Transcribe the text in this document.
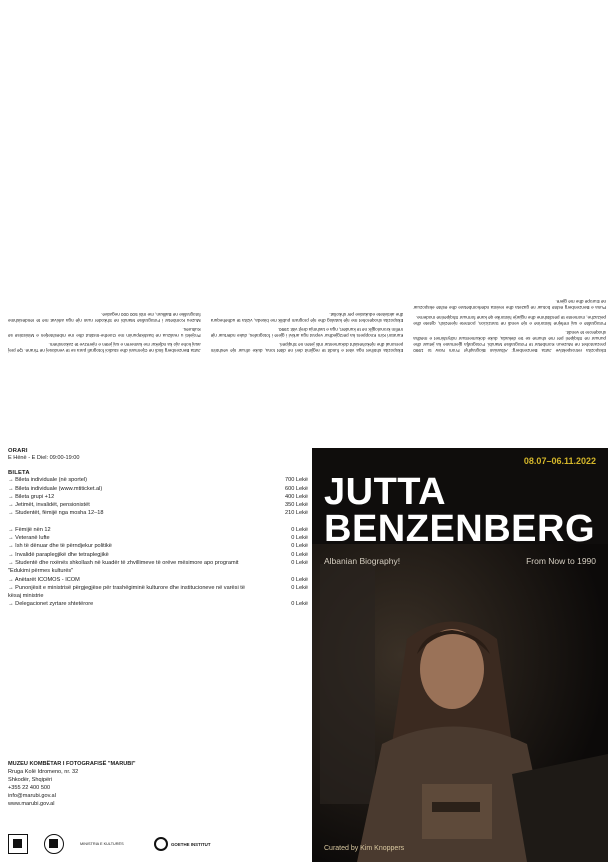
Ekspozita retrospektive Jutta Benzenberg: Albanian Biography! From Now to 1990 prezantohet në Muzeun Kombëtar të Fotografisë Marubi. Fotografja gjermane ka jetuar dhe punuar në Shqipëri për më shumë se tre dekada, duke dokumentuar ndryshimet e mëdha shoqërore të vendit.

Fotografitë e saj rrëfejnë historinë e një vendi në tranzicion, portrete njerëzish, qytete dhe peizazhe, momente të përditshme dhe ngjarje historike që kanë formuar Shqipërinë moderne.

Puna e Benzenberg është botuar në gazeta dhe revista ndërkombëtare dhe është ekspozuar në Europë dhe më gjerë.

Ekspozita shtrihet nga vitet e fundit të regjimit deri në ditët tona, duke ofruar një vështrim personal dhe njëkohësisht dokumentar mbi jetën në Shqipëri.

Kuratori Kim Knoppers ka përzgjedhur veprat nga arkivi i gjerë i fotografes, duke ndërtuar një rrëfim kronologjik në të kundërt, nga e tashmja drejt vitit 1990.

Ekspozita shoqërohet me një katalog dhe një program publik me biseda, vizita të udhëhequra dhe aktivitete edukative për shkollat.

Jutta Benzenberg lindi në Gjermani dhe studioi fotografi para se të vendosej në Tiranë. Që prej asaj kohe ajo ka ndjekur me kamerën e saj jetën e njerëzve të zakonshëm.

Projekti u realizua në bashkëpunim me Goethe-Institut dhe me mbështetjen e Ministrisë së Kulturës.

Muzeu Kombëtar i Fotografisë Marubi në Shkodër ruan një nga arkivat më të rëndësishme fotografike në Ballkan, me mbi 500 000 negativë.

ORARI
E Hënë - E Diel: 09:00-19:00
BILETA
→ Bileta individuale (në sportel)	700 Lekë
→ Bileta individuale (www.mtiticket.al)	600 Lekë
→ Bileta grupi +12	400 Lekë
→ Jetimët, invalidët, pensionistët	350 Lekë
→ Studentët, fëmijë nga mosha 12–18	210 Lekë
→ Fëmijë nën 12	0 Lekë
→ Veteranë lufte	0 Lekë
→ Ish të dënuar dhe të përndjekur politikë	0 Lekë
→ Invalidë paraplegjikë dhe tetraplegjikë	0 Lekë
→ Studentë dhe nxënës shkollash në kuadër të zhvillimeve të orëve mësimore apo programit "Edukimi përmes kulturës"
0 Lekë
→ Anëtarët ICOMOS - ICOM	0 Lekë
→ Punonjësit e ministrisë përgjegjëse për trashëgiminë kulturore dhe institucioneve në varësi të kësaj ministrie
0 Lekë
→ Delegacionet zyrtare shtetërore	0 Lekë
MUZEU KOMBËTAR I FOTOGRAFISË "MARUBI"
Rruga Kolë Idromeno, nr. 32
Shkodër, Shqipëri
+355 22 400 500
info@marubi.gov.al
www.marubi.gov.al
MINISTRIA E KULTURËS	GOETHE INSTITUT
08.07–06.11.2022
JUTTA
BENZENBERG
Albanian Biography!	From Now to 1990
Curated by Kim Knoppers
